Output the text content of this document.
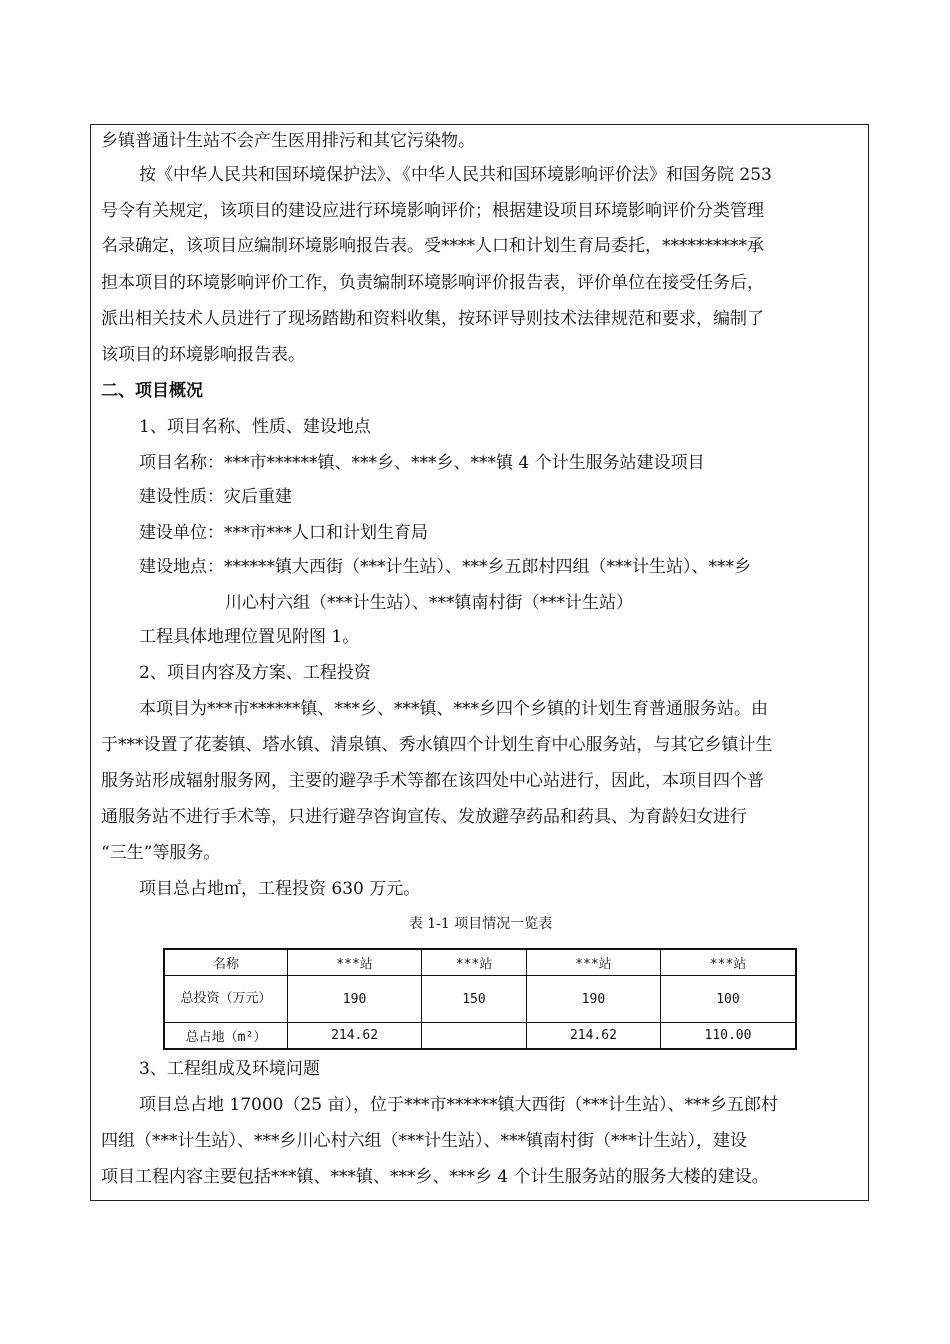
乡镇普通计生站不会产生医用排污和其它污染物。
按《中华人民共和国环境保护法》、《中华人民共和国环境影响评价法》和国务院 253
号令有关规定，该项目的建设应进行环境影响评价；根据建设项目环境影响评价分类管理
名录确定，该项目应编制环境影响报告表。受****人口和计划生育局委托，**********承
担本项目的环境影响评价工作，负责编制环境影响评价报告表，评价单位在接受任务后，
派出相关技术人员进行了现场踏勘和资料收集，按环评导则技术法律规范和要求，编制了
该项目的环境影响报告表。
二、项目概况
1、项目名称、性质、建设地点
项目名称：***市******镇、***乡、***乡、***镇 4 个计生服务站建设项目
建设性质：灾后重建
建设单位：***市***人口和计划生育局
建设地点：******镇大西街（***计生站）、***乡五郎村四组（***计生站）、***乡
川心村六组（***计生站）、***镇南村街（***计生站）
工程具体地理位置见附图 1。
2、项目内容及方案、工程投资
本项目为***市******镇、***乡、***镇、***乡四个乡镇的计划生育普通服务站。由
于***设置了花萎镇、塔水镇、清泉镇、秀水镇四个计划生育中心服务站，与其它乡镇计生
服务站形成辐射服务网，主要的避孕手术等都在该四处中心站进行，因此，本项目四个普
通服务站不进行手术等，只进行避孕咨询宣传、发放避孕药品和药具、为育龄妇女进行
“三生”等服务。
项目总占地㎡，工程投资 630 万元。
表 1-1 项目情况一览表
名称	***站	***站	***站	***站
总投资（万元）	190	150	190	100
总占地（m²）	214.62		214.62	110.00
3、工程组成及环境问题
项目总占地 17000（25 亩），位于***市******镇大西街（***计生站）、***乡五郎村
四组（***计生站）、***乡川心村六组（***计生站）、***镇南村街（***计生站），建设
项目工程内容主要包括***镇、***镇、***乡、***乡 4 个计生服务站的服务大楼的建设。
